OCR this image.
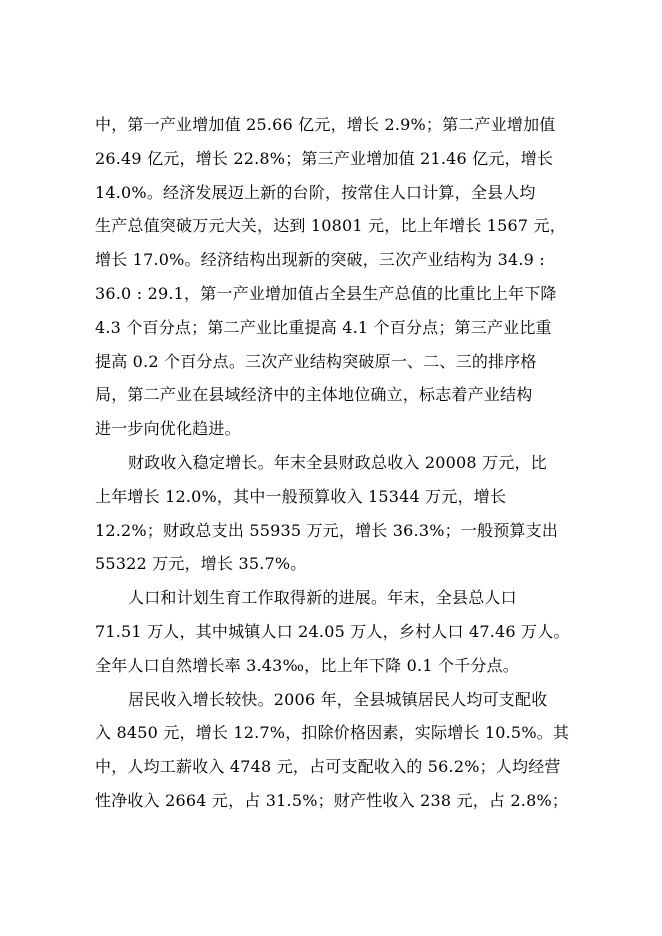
中，第一产业增加值 25.66 亿元，增长 2.9%；第二产业增加值
26.49 亿元，增长 22.8%；第三产业增加值 21.46 亿元，增长
14.0%。经济发展迈上新的台阶，按常住人口计算，全县人均
生产总值突破万元大关，达到 10801 元，比上年增长 1567 元，
增长 17.0%。经济结构出现新的突破，三次产业结构为 34.9 :
36.0 : 29.1，第一产业增加值占全县生产总值的比重比上年下降
4.3 个百分点；第二产业比重提高 4.1 个百分点；第三产业比重
提高 0.2 个百分点。三次产业结构突破原一、二、三的排序格
局，第二产业在县域经济中的主体地位确立，标志着产业结构
进一步向优化趋进。
财政收入稳定增长。年末全县财政总收入 20008 万元，比
上年增长 12.0%，其中一般预算收入 15344 万元，增长
12.2%；财政总支出 55935 万元，增长 36.3%；一般预算支出
55322 万元，增长 35.7%。
人口和计划生育工作取得新的进展。年末，全县总人口
71.51 万人，其中城镇人口 24.05 万人，乡村人口 47.46 万人。
全年人口自然增长率 3.43‰，比上年下降 0.1 个千分点。
居民收入增长较快。2006 年，全县城镇居民人均可支配收
入 8450 元，增长 12.7%，扣除价格因素，实际增长 10.5%。其
中，人均工薪收入 4748 元，占可支配收入的 56.2%；人均经营
性净收入 2664 元，占 31.5%；财产性收入 238 元，占 2.8%；
